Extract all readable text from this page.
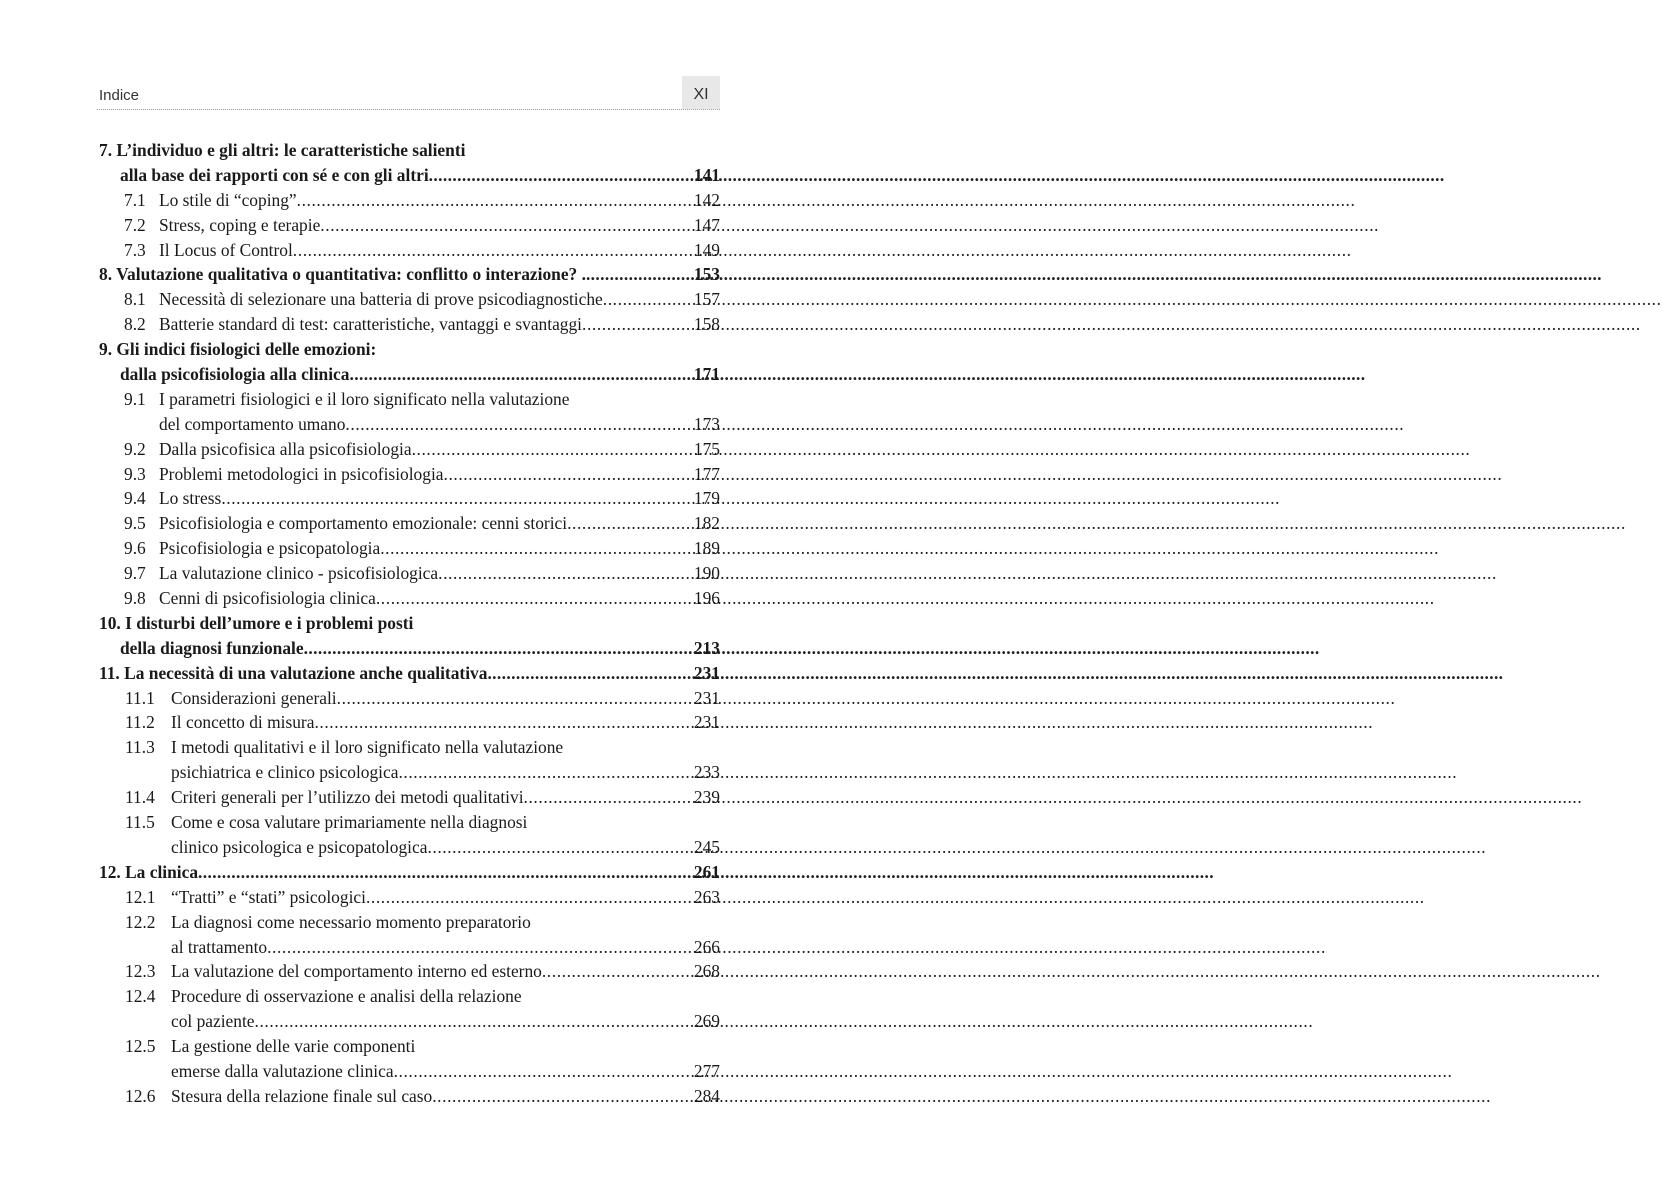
Indice	XI
7. L’individuo e gli altri: le caratteristiche salienti
alla base dei rapporti con sé e con gli altri .....	141
7.1 Lo stile di “coping” .....	142
7.2 Stress, coping e terapie .....	147
7.3 Il Locus of Control .....	149
8. Valutazione qualitativa o quantitativa: conflitto o interazione? . .....	153
8.1 Necessità di selezionare una batteria di prove psicodiagnostiche .....	157
8.2 Batterie standard di test: caratteristiche, vantaggi e svantaggi .....	158
9. Gli indici fisiologici delle emozioni:
dalla psicofisiologia alla clinica .....	171
9.1 I parametri fisiologici e il loro significato nella valutazione
del comportamento umano .....	173
9.2 Dalla psicofisica alla psicofisiologia .....	175
9.3 Problemi metodologici in psicofisiologia .....	177
9.4 Lo stress .....	179
9.5 Psicofisiologia e comportamento emozionale: cenni storici .....	182
9.6 Psicofisiologia e psicopatologia .....	189
9.7 La valutazione clinico - psicofisiologica .....	190
9.8 Cenni di psicofisiologia clinica .....	196
10. I disturbi dell’umore e i problemi posti
della diagnosi funzionale .....	213
11. La necessità di una valutazione anche qualitativa .....	231
11.1 Considerazioni generali .....	231
11.2 Il concetto di misura .....	231
11.3 I metodi qualitativi e il loro significato nella valutazione
psichiatrica e clinico psicologica .....	233
11.4 Criteri generali per l’utilizzo dei metodi qualitativi .....	239
11.5 Come e cosa valutare primariamente nella diagnosi
clinico psicologica e psicopatologica .....	245
12. La clinica .....	261
12.1 “Tratti” e “stati” psicologici .....	263
12.2 La diagnosi come necessario momento preparatorio
al trattamento .....	266
12.3 La valutazione del comportamento interno ed esterno .....	268
12.4 Procedure di osservazione e analisi della relazione
col paziente .....	269
12.5 La gestione delle varie componenti
emerse dalla valutazione clinica .....	277
12.6 Stesura della relazione finale sul caso .....	284
